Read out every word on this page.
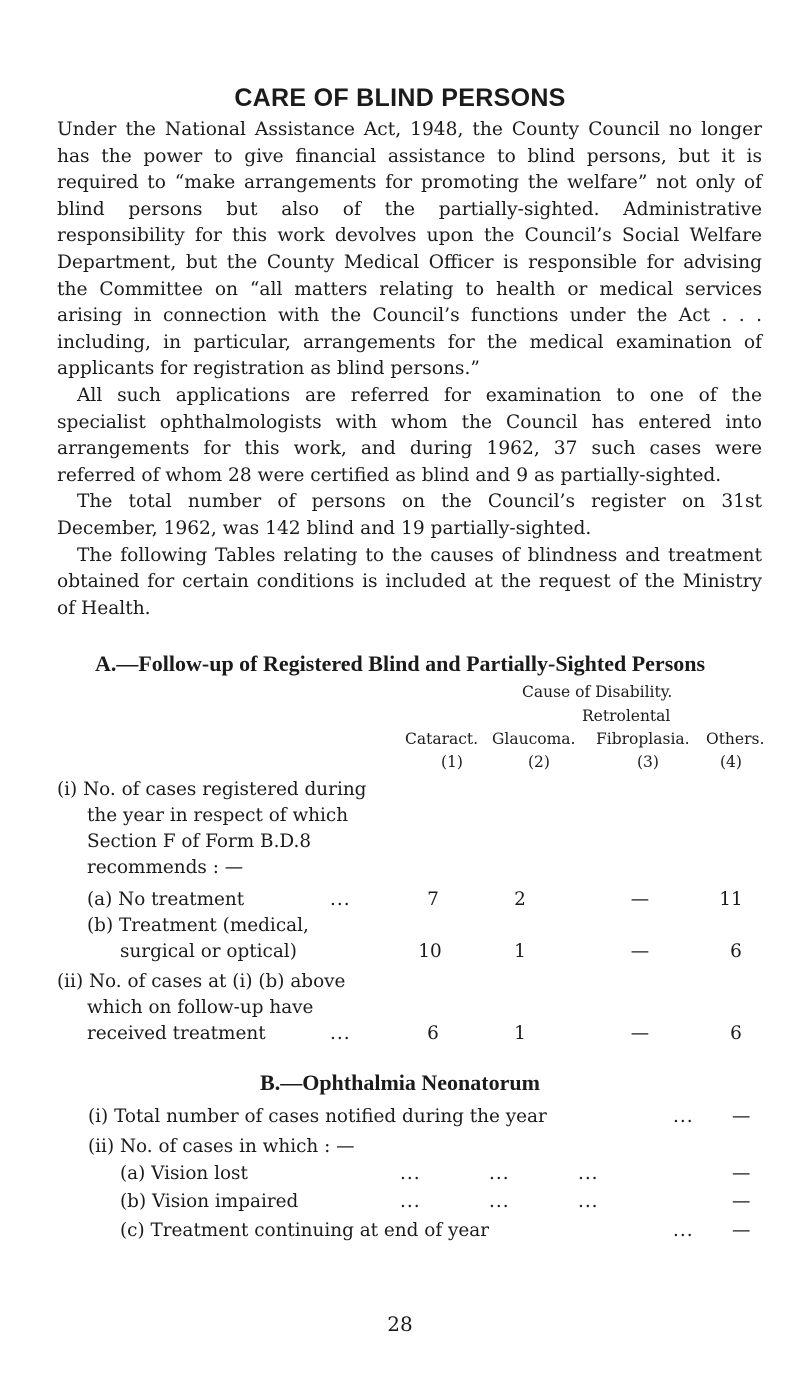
CARE OF BLIND PERSONS

Under the National Assistance Act, 1948, the County Council no longer has the power to give financial assistance to blind persons, but it is required to “make arrangements for promoting the welfare” not only of blind persons but also of the partially-sighted. Administrative responsibility for this work devolves upon the Council’s Social Welfare Department, but the County Medical Officer is responsible for advising the Committee on “all matters relating to health or medical services arising in connection with the Council’s functions under the Act . . . including, in particular, arrangements for the medical examination of applicants for registration as blind persons.”

All such applications are referred for examination to one of the specialist ophthalmologists with whom the Council has entered into arrangements for this work, and during 1962, 37 such cases were referred of whom 28 were certified as blind and 9 as partially-sighted.

The total number of persons on the Council’s register on 31st December, 1962, was 142 blind and 19 partially-sighted.

The following Tables relating to the causes of blindness and treatment obtained for certain conditions is included at the request of the Ministry of Health.

A.—Follow-up of Registered Blind and Partially-Sighted Persons
Cause of Disability.
Retrolental
Cataract. Glaucoma. Fibroplasia. Others.
(1)	(2)	(3)	(4)
(i) No. of cases registered during
the year in respect of which
Section F of Form B.D.8
recommends : —
(a) No treatment	...	7	2	—	11
(b) Treatment (medical,
surgical or optical)	10	1	—	6
(ii) No. of cases at (i) (b) above
which on follow-up have
received treatment	...	6	1	—	6
B.—Ophthalmia Neonatorum
(i) Total number of cases notified during the year	... —
(ii) No. of cases in which : —
(a) Vision lost	...          ...          ...	—
(b) Vision impaired	...          ...          ...	—
(c) Treatment continuing at end of year	... —
28
